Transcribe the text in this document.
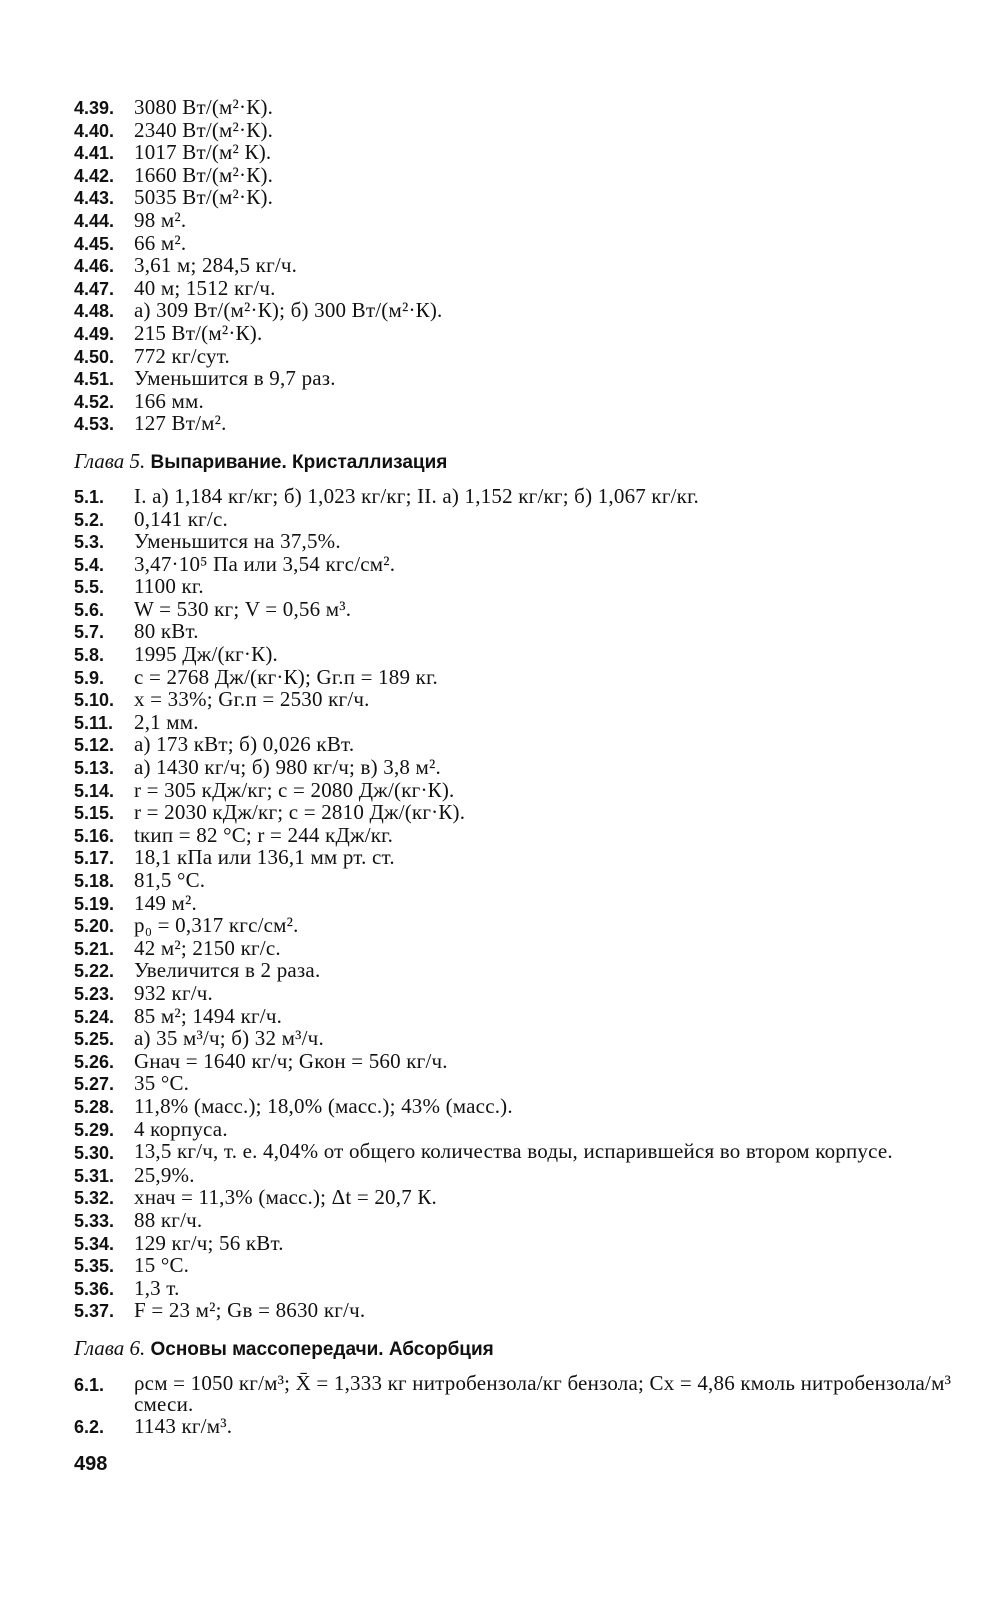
4.39. 3080 Вт/(м²·К).
4.40. 2340 Вт/(м²·К).
4.41. 1017 Вт/(м² К).
4.42. 1660 Вт/(м²·К).
4.43. 5035 Вт/(м²·К).
4.44. 98 м².
4.45. 66 м².
4.46. 3,61 м; 284,5 кг/ч.
4.47. 40 м; 1512 кг/ч.
4.48. а) 309 Вт/(м²·К); б) 300 Вт/(м²·К).
4.49. 215 Вт/(м²·К).
4.50. 772 кг/сут.
4.51. Уменьшится в 9,7 раз.
4.52. 166 мм.
4.53. 127 Вт/м².
Глава 5. Выпаривание. Кристаллизация
5.1.	I. а) 1,184 кг/кг; б) 1,023 кг/кг; II. а) 1,152 кг/кг; б) 1,067 кг/кг.
5.2.	0,141 кг/с.
5.3.	Уменьшится на 37,5%.
5.4.	3,47·10⁵ Па или 3,54 кгс/см².
5.5.	1100 кг.
5.6.	W = 530 кг; V = 0,56 м³.
5.7.	80 кВт.
5.8.	1995 Дж/(кг·К).
5.9.	c = 2768 Дж/(кг·К); Gг.п = 189 кг.
5.10. x = 33%; Gг.п = 2530 кг/ч.
5.11. 2,1 мм.
5.12. а) 173 кВт; б) 0,026 кВт.
5.13. а) 1430 кг/ч; б) 980 кг/ч; в) 3,8 м².
5.14. r = 305 кДж/кг; c = 2080 Дж/(кг·К).
5.15. r = 2030 кДж/кг; c = 2810 Дж/(кг·К).
5.16. tкип = 82 °С; r = 244 кДж/кг.
5.17. 18,1 кПа или 136,1 мм рт. ст.
5.18. 81,5 °С.
5.19. 149 м².
5.20. p₀ = 0,317 кгс/см².
5.21. 42 м²; 2150 кг/с.
5.22. Увеличится в 2 раза.
5.23. 932 кг/ч.
5.24. 85 м²; 1494 кг/ч.
5.25. а) 35 м³/ч; б) 32 м³/ч.
5.26. Gнач = 1640 кг/ч; Gкон = 560 кг/ч.
5.27. 35 °С.
5.28. 11,8% (масс.); 18,0% (масс.); 43% (масс.).
5.29. 4 корпуса.
5.30. 13,5 кг/ч, т. е. 4,04% от общего количества воды, испарившейся во втором корпусе.
5.31. 25,9%.
5.32. xнач = 11,3% (масс.); Δt = 20,7 К.
5.33. 88 кг/ч.
5.34. 129 кг/ч; 56 кВт.
5.35. 15 °С.
5.36. 1,3 т.
5.37. F = 23 м²; Gв = 8630 кг/ч.
Глава 6. Основы массопередачи. Абсорбция
6.1.	ρсм = 1050 кг/м³; X̄ = 1,333 кг нитробензола/кг бензола; Cx = 4,86 кмоль нитробензола/м³ смеси.
6.2.	1143 кг/м³.
498
